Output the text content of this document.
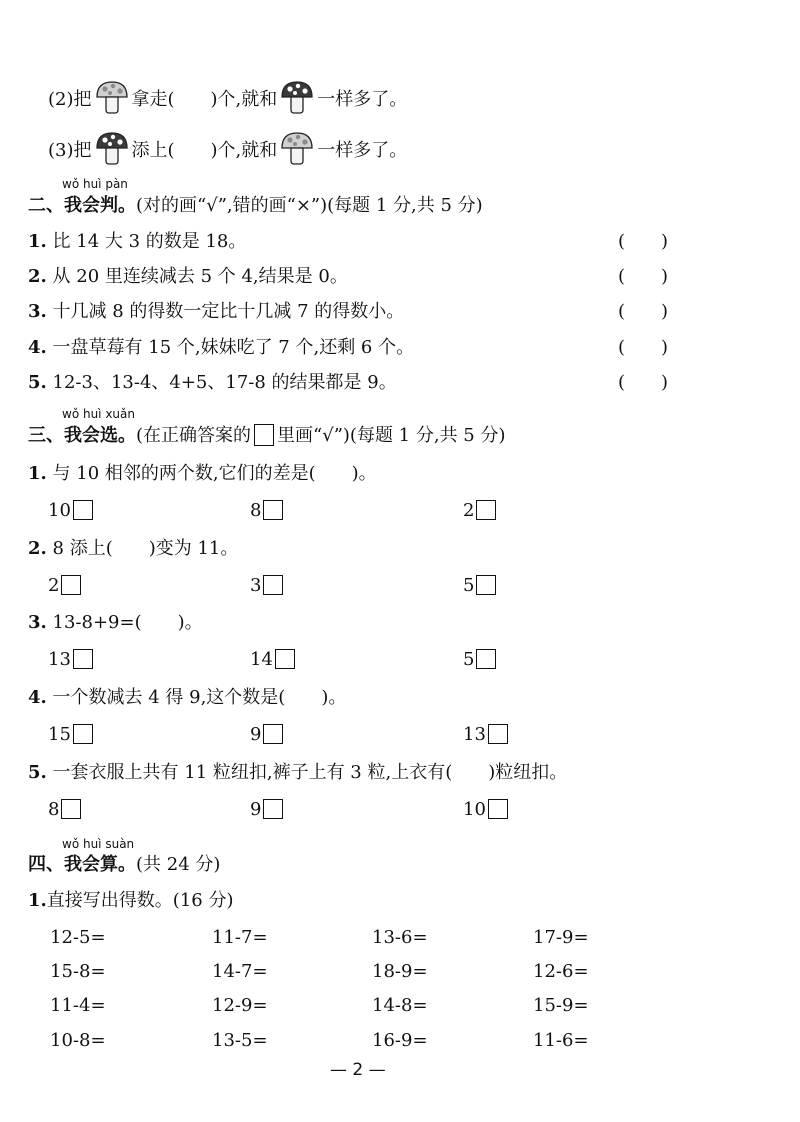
(2)把 拿走(　　)个,就和 一样多了。
(3)把 添上(　　)个,就和 一样多了。
wǒ huì pàn
二、我会判。(对的画“√”,错的画“×”)(每题 1 分,共 5 分)
1. 比 14 大 3 的数是 18。	(　　)
2. 从 20 里连续减去 5 个 4,结果是 0。	(　　)
3. 十几减 8 的得数一定比十几减 7 的得数小。	(　　)
4. 一盘草莓有 15 个,妹妹吃了 7 个,还剩 6 个。	(　　)
5. 12-3、13-4、4+5、17-8 的结果都是 9。	(　　)
wǒ huì xuǎn
三、我会选。(在正确答案的 里画“√”)(每题 1 分,共 5 分)
1. 与 10 相邻的两个数,它们的差是(　　)。
10	8	2
2. 8 添上(　　)变为 11。
2	3	5
3. 13-8+9=(　　)。
13	14	5
4. 一个数减去 4 得 9,这个数是(　　)。
15	9	13
5. 一套衣服上共有 11 粒纽扣,裤子上有 3 粒,上衣有(　　)粒纽扣。
8	9	10
wǒ huì suàn
四、我会算。(共 24 分)
1.直接写出得数。(16 分)
12-5=	11-7=	13-6=	17-9=
15-8=	14-7=	18-9=	12-6=
11-4=	12-9=	14-8=	15-9=
10-8=	13-5=	16-9=	11-6=
— 2 —
